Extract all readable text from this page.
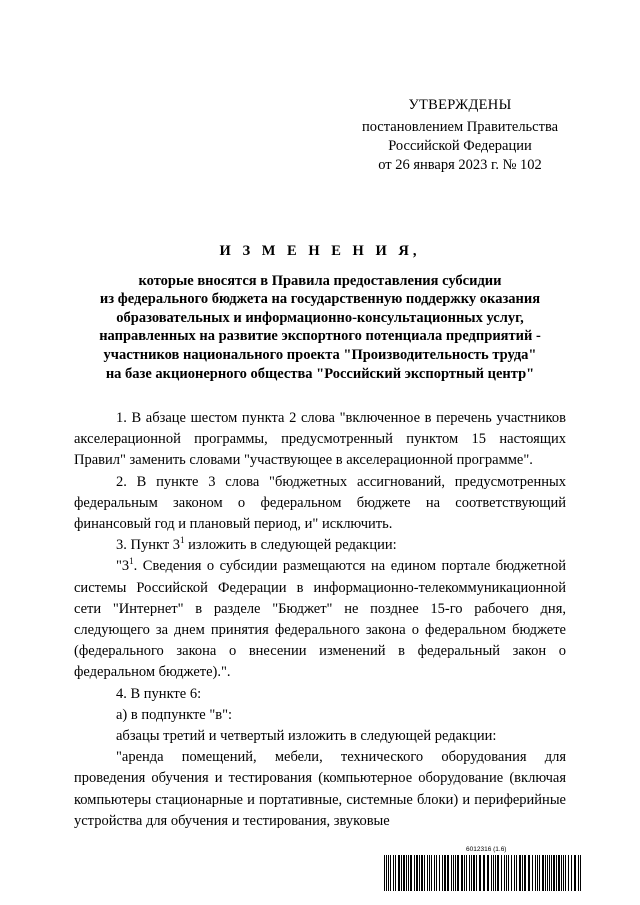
УТВЕРЖДЕНЫ
постановлением Правительства
Российской Федерации
от 26 января 2023 г. № 102
И З М Е Н Е Н И Я,
которые вносятся в Правила предоставления субсидии
из федерального бюджета на государственную поддержку оказания
образовательных и информационно-консультационных услуг,
направленных на развитие экспортного потенциала предприятий -
участников национального проекта "Производительность труда"
на базе акционерного общества "Российский экспортный центр"

1. В абзаце шестом пункта 2 слова "включенное в перечень участников акселерационной программы, предусмотренный пунктом 15 настоящих Правил" заменить словами "участвующее в акселерационной программе".

2. В пункте 3 слова "бюджетных ассигнований, предусмотренных федеральным законом о федеральном бюджете на соответствующий финансовый год и плановый период, и" исключить.

3. Пункт $3^1$ изложить в следующей редакции:

"$3^1$. Сведения о субсидии размещаются на едином портале бюджетной системы Российской Федерации в информационно-телекоммуникационной сети "Интернет" в разделе "Бюджет" не позднее 15-го рабочего дня, следующего за днем принятия федерального закона о федеральном бюджете (федерального закона о внесении изменений в федеральный закон о федеральном бюджете).".

4. В пункте 6:

а) в подпункте "в":

абзацы третий и четвертый изложить в следующей редакции:

"аренда помещений, мебели, технического оборудования для проведения обучения и тестирования (компьютерное оборудование (включая компьютеры стационарные и портативные, системные блоки) и периферийные устройства для обучения и тестирования, звуковые

6012316 (1.6)
